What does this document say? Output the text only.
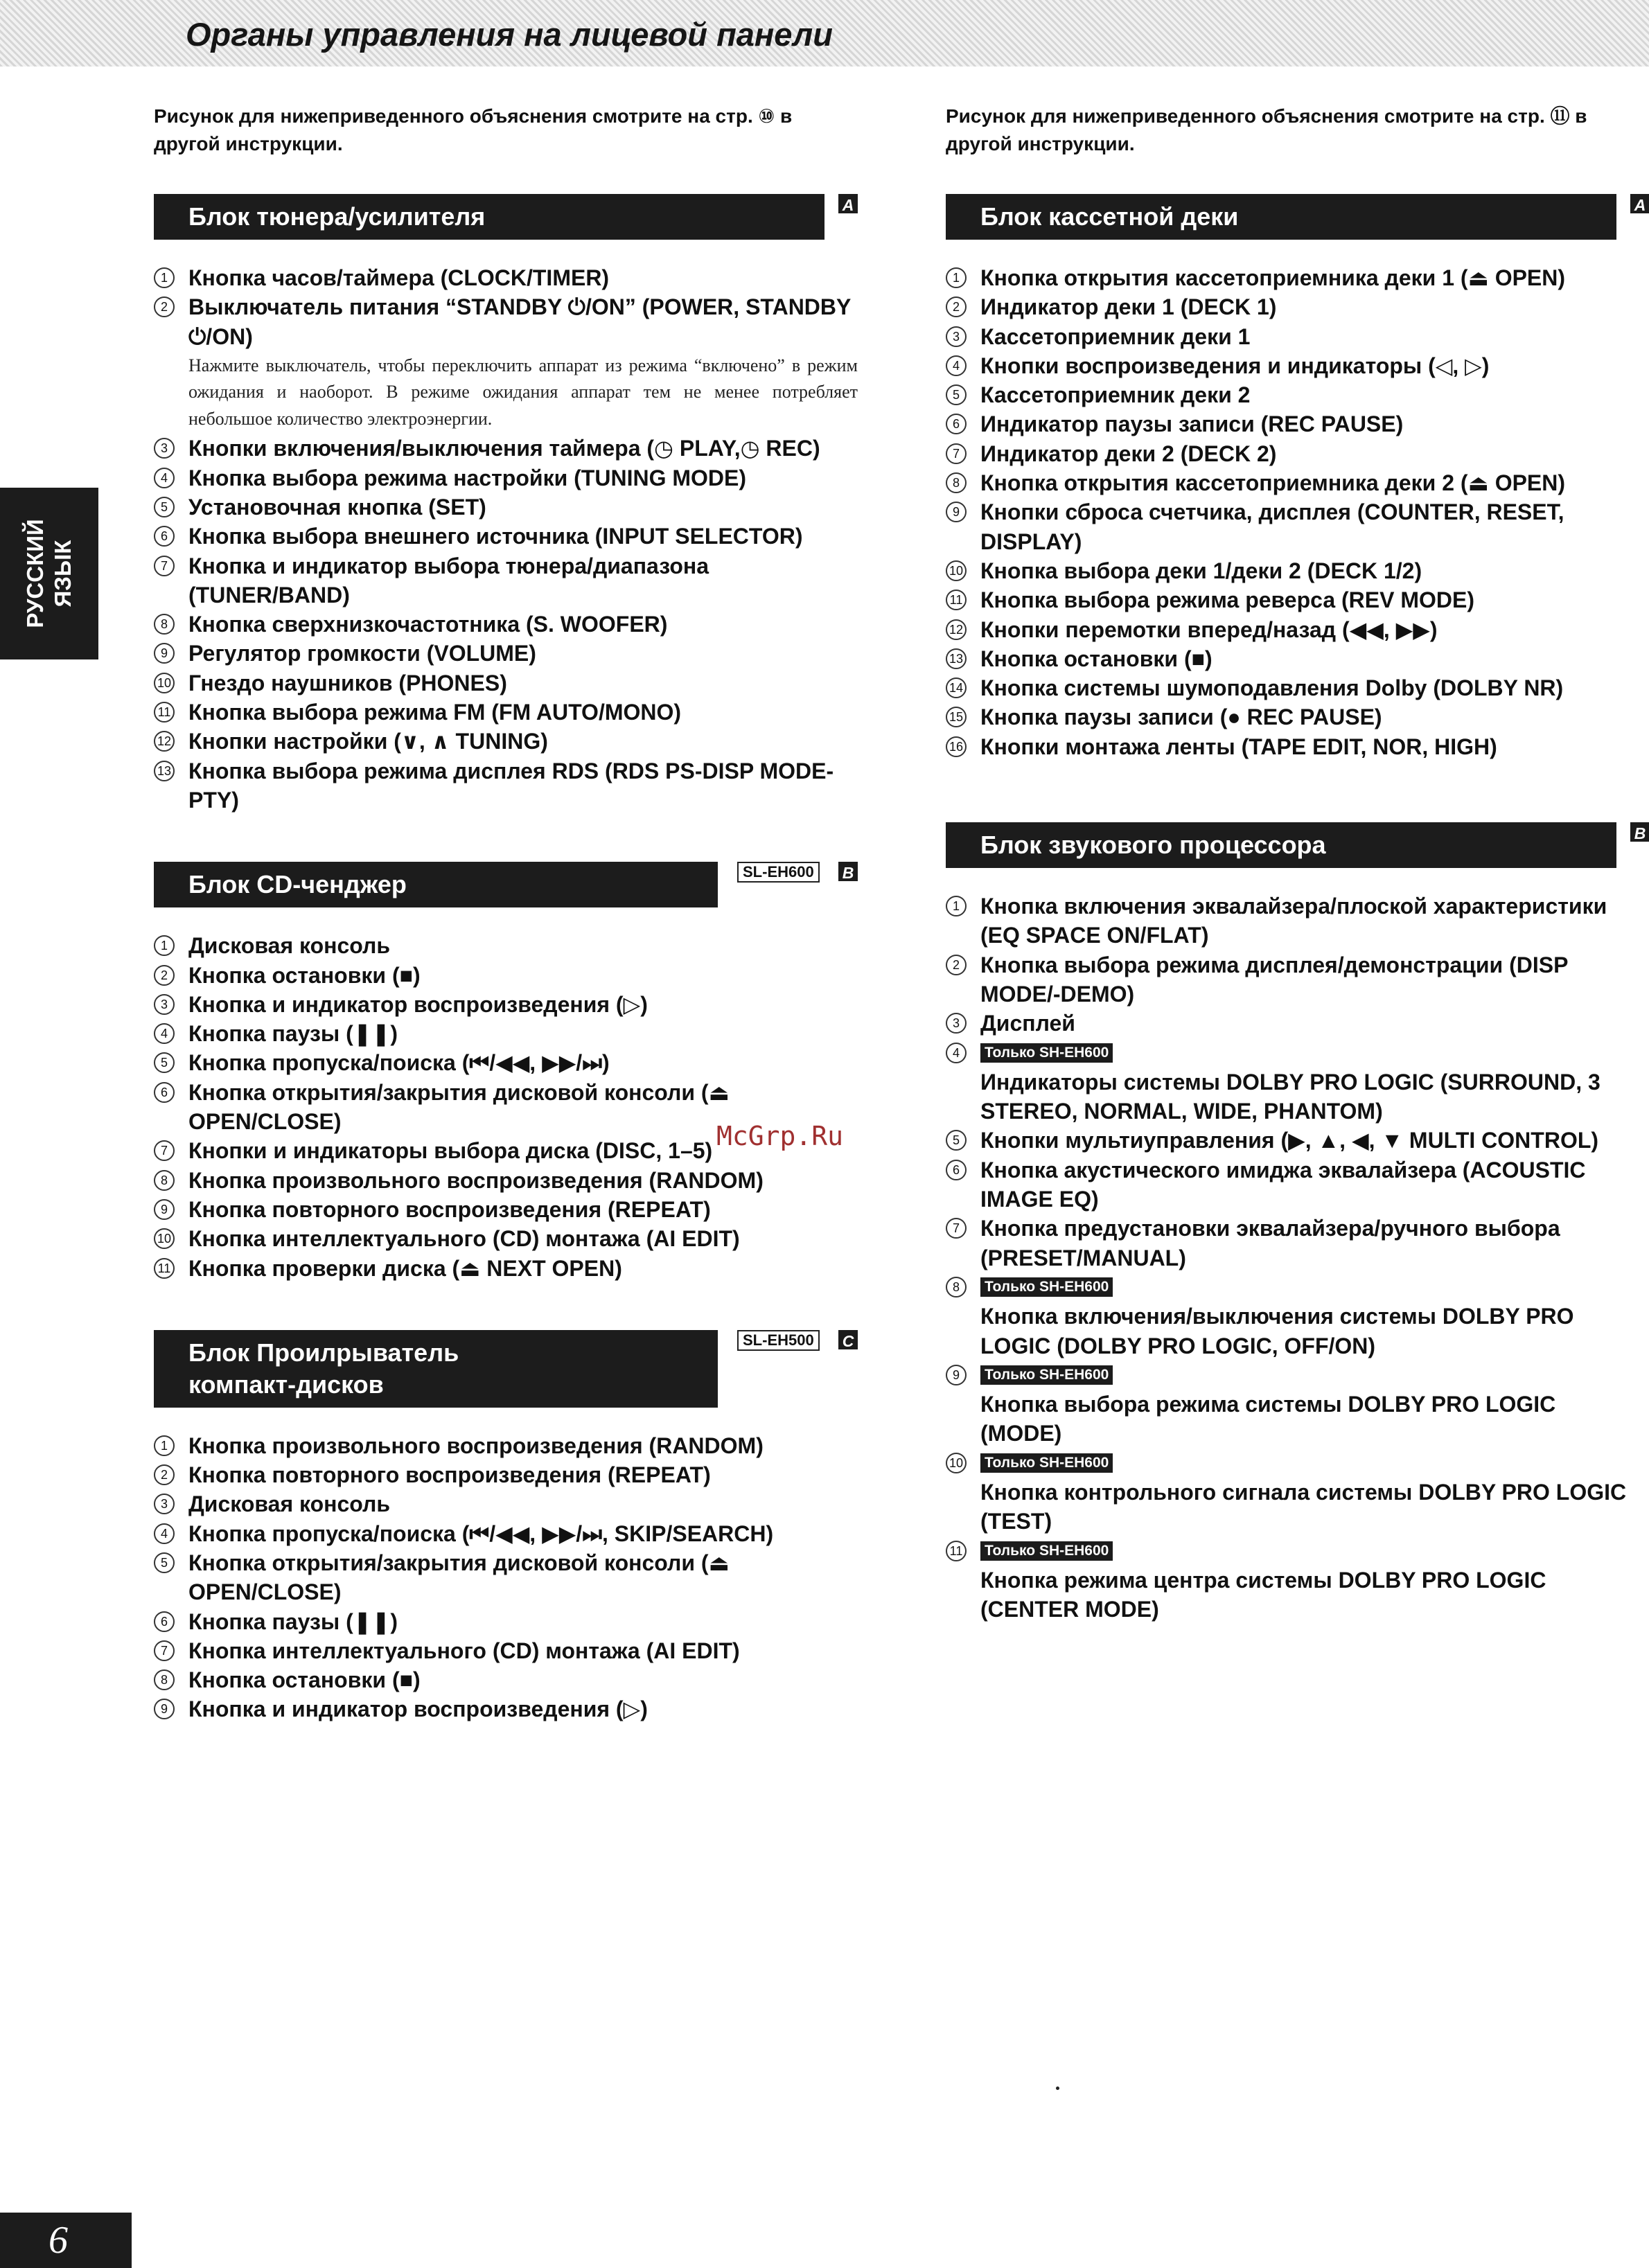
Органы управления на лицевой панели
РУССКИЙ ЯЗЫК

Рисунок для нижеприведенного объяснения смотрите на стр. ⑩ в другой инструкции.

Блок тюнера/усилителя	A
1 Кнопка часов/таймера (CLOCK/TIMER)
2 Выключатель питания “STANDBY ⏻/ON” (POWER, STANDBY ⏻/ON)
Нажмите выключатель, чтобы переключить аппарат из режима “включено” в режим ожидания и наоборот. В режиме ожидания аппарат тем не менее потребляет небольшое количество электроэнергии.
3 Кнопки включения/выключения таймера (◷ PLAY,◷ REC)
4 Кнопка выбора режима настройки (TUNING MODE)
5 Установочная кнопка (SET)
6 Кнопка выбора внешнего источника (INPUT SELECTOR)
7 Кнопка и индикатор выбора тюнера/диапазона (TUNER/BAND)
8 Кнопка сверхнизкочастотника (S. WOOFER)
9 Регулятор громкости (VOLUME)
10 Гнездо наушников (PHONES)
11 Кнопка выбора режима FM (FM AUTO/MONO)
12 Кнопки настройки (∨, ∧ TUNING)
13 Кнопка выбора режима дисплея RDS (RDS PS-DISP MODE-PTY)
Блок CD-ченджер	SL-EH600	B
1 Дисковая консоль
2 Кнопка остановки (■)
3 Кнопка и индикатор воспроизведения (▷)
4 Кнопка паузы (❚❚)
5 Кнопка пропуска/поиска (⏮/◀◀, ▶▶/⏭)
6 Кнопка открытия/закрытия дисковой консоли (⏏ OPEN/CLOSE)
7 Кнопки и индикаторы выбора диска (DISC, 1–5)
8 Кнопка произвольного воспроизведения (RANDOM)
9 Кнопка повторного воспроизведения (REPEAT)
10 Кнопка интеллектуального (CD) монтажа (AI EDIT)
11 Кнопка проверки диска (⏏ NEXT OPEN)
Блок Проилрыватель
компакт-дисков
SL-EH500	C
1 Кнопка произвольного воспроизведения (RANDOM)
2 Кнопка повторного воспроизведения (REPEAT)
3 Дисковая консоль
4 Кнопка пропуска/поиска (⏮/◀◀, ▶▶/⏭, SKIP/SEARCH)
5 Кнопка открытия/закрытия дисковой консоли (⏏ OPEN/CLOSE)
6 Кнопка паузы (❚❚)
7 Кнопка интеллектуального (CD) монтажа (AI EDIT)
8 Кнопка остановки (■)
9 Кнопка и индикатор воспроизведения (▷)

Рисунок для нижеприведенного объяснения смотрите на стр. ⑪ в другой инструкции.

Блок кассетной деки	A
1 Кнопка открытия кассетоприемника деки 1 (⏏ OPEN)
2 Индикатор деки 1 (DECK 1)
3 Кассетоприемник деки 1
4 Кнопки воспроизведения и индикаторы (◁, ▷)
5 Кассетоприемник деки 2
6 Индикатор паузы записи (REC PAUSE)
7 Индикатор деки 2 (DECK 2)
8 Кнопка открытия кассетоприемника деки 2 (⏏ OPEN)
9 Кнопки сброса счетчика, дисплея (COUNTER, RESET, DISPLAY)
10 Кнопка выбора деки 1/деки 2 (DECK 1/2)
11 Кнопка выбора режима реверса (REV MODE)
12 Кнопки перемотки вперед/назад (◀◀, ▶▶)
13 Кнопка остановки (■)
14 Кнопка системы шумоподавления Dolby (DOLBY NR)
15 Кнопка паузы записи (● REC PAUSE)
16 Кнопки монтажа ленты (TAPE EDIT, NOR, HIGH)
Блок звукового процессора	B
1 Кнопка включения эквалайзера/плоской характеристики (EQ SPACE ON/FLAT)
2 Кнопка выбора режима дисплея/демонстрации (DISP MODE/-DEMO)
3 Дисплей
4	Только SH-EH600
Индикаторы системы DOLBY PRO LOGIC (SURROUND, 3 STEREO, NORMAL, WIDE, PHANTOM)
5 Кнопки мультиуправления (▶, ▲, ◀, ▼ MULTI CONTROL)
6 Кнопка акустического имиджа эквалайзера (ACOUSTIC IMAGE EQ)
7 Кнопка предустановки эквалайзера/ручного выбора (PRESET/MANUAL)
8	Только SH-EH600
Кнопка включения/выключения системы DOLBY PRO LOGIC (DOLBY PRO LOGIC, OFF/ON)
9	Только SH-EH600
Кнопка выбора режима системы DOLBY PRO LOGIC (MODE)
10 Только SH-EH600
Кнопка контрольного сигнала системы DOLBY PRO LOGIC (TEST)
11 Только SH-EH600
Кнопка режима центра системы DOLBY PRO LOGIC (CENTER MODE)
McGrp.Ru
6
